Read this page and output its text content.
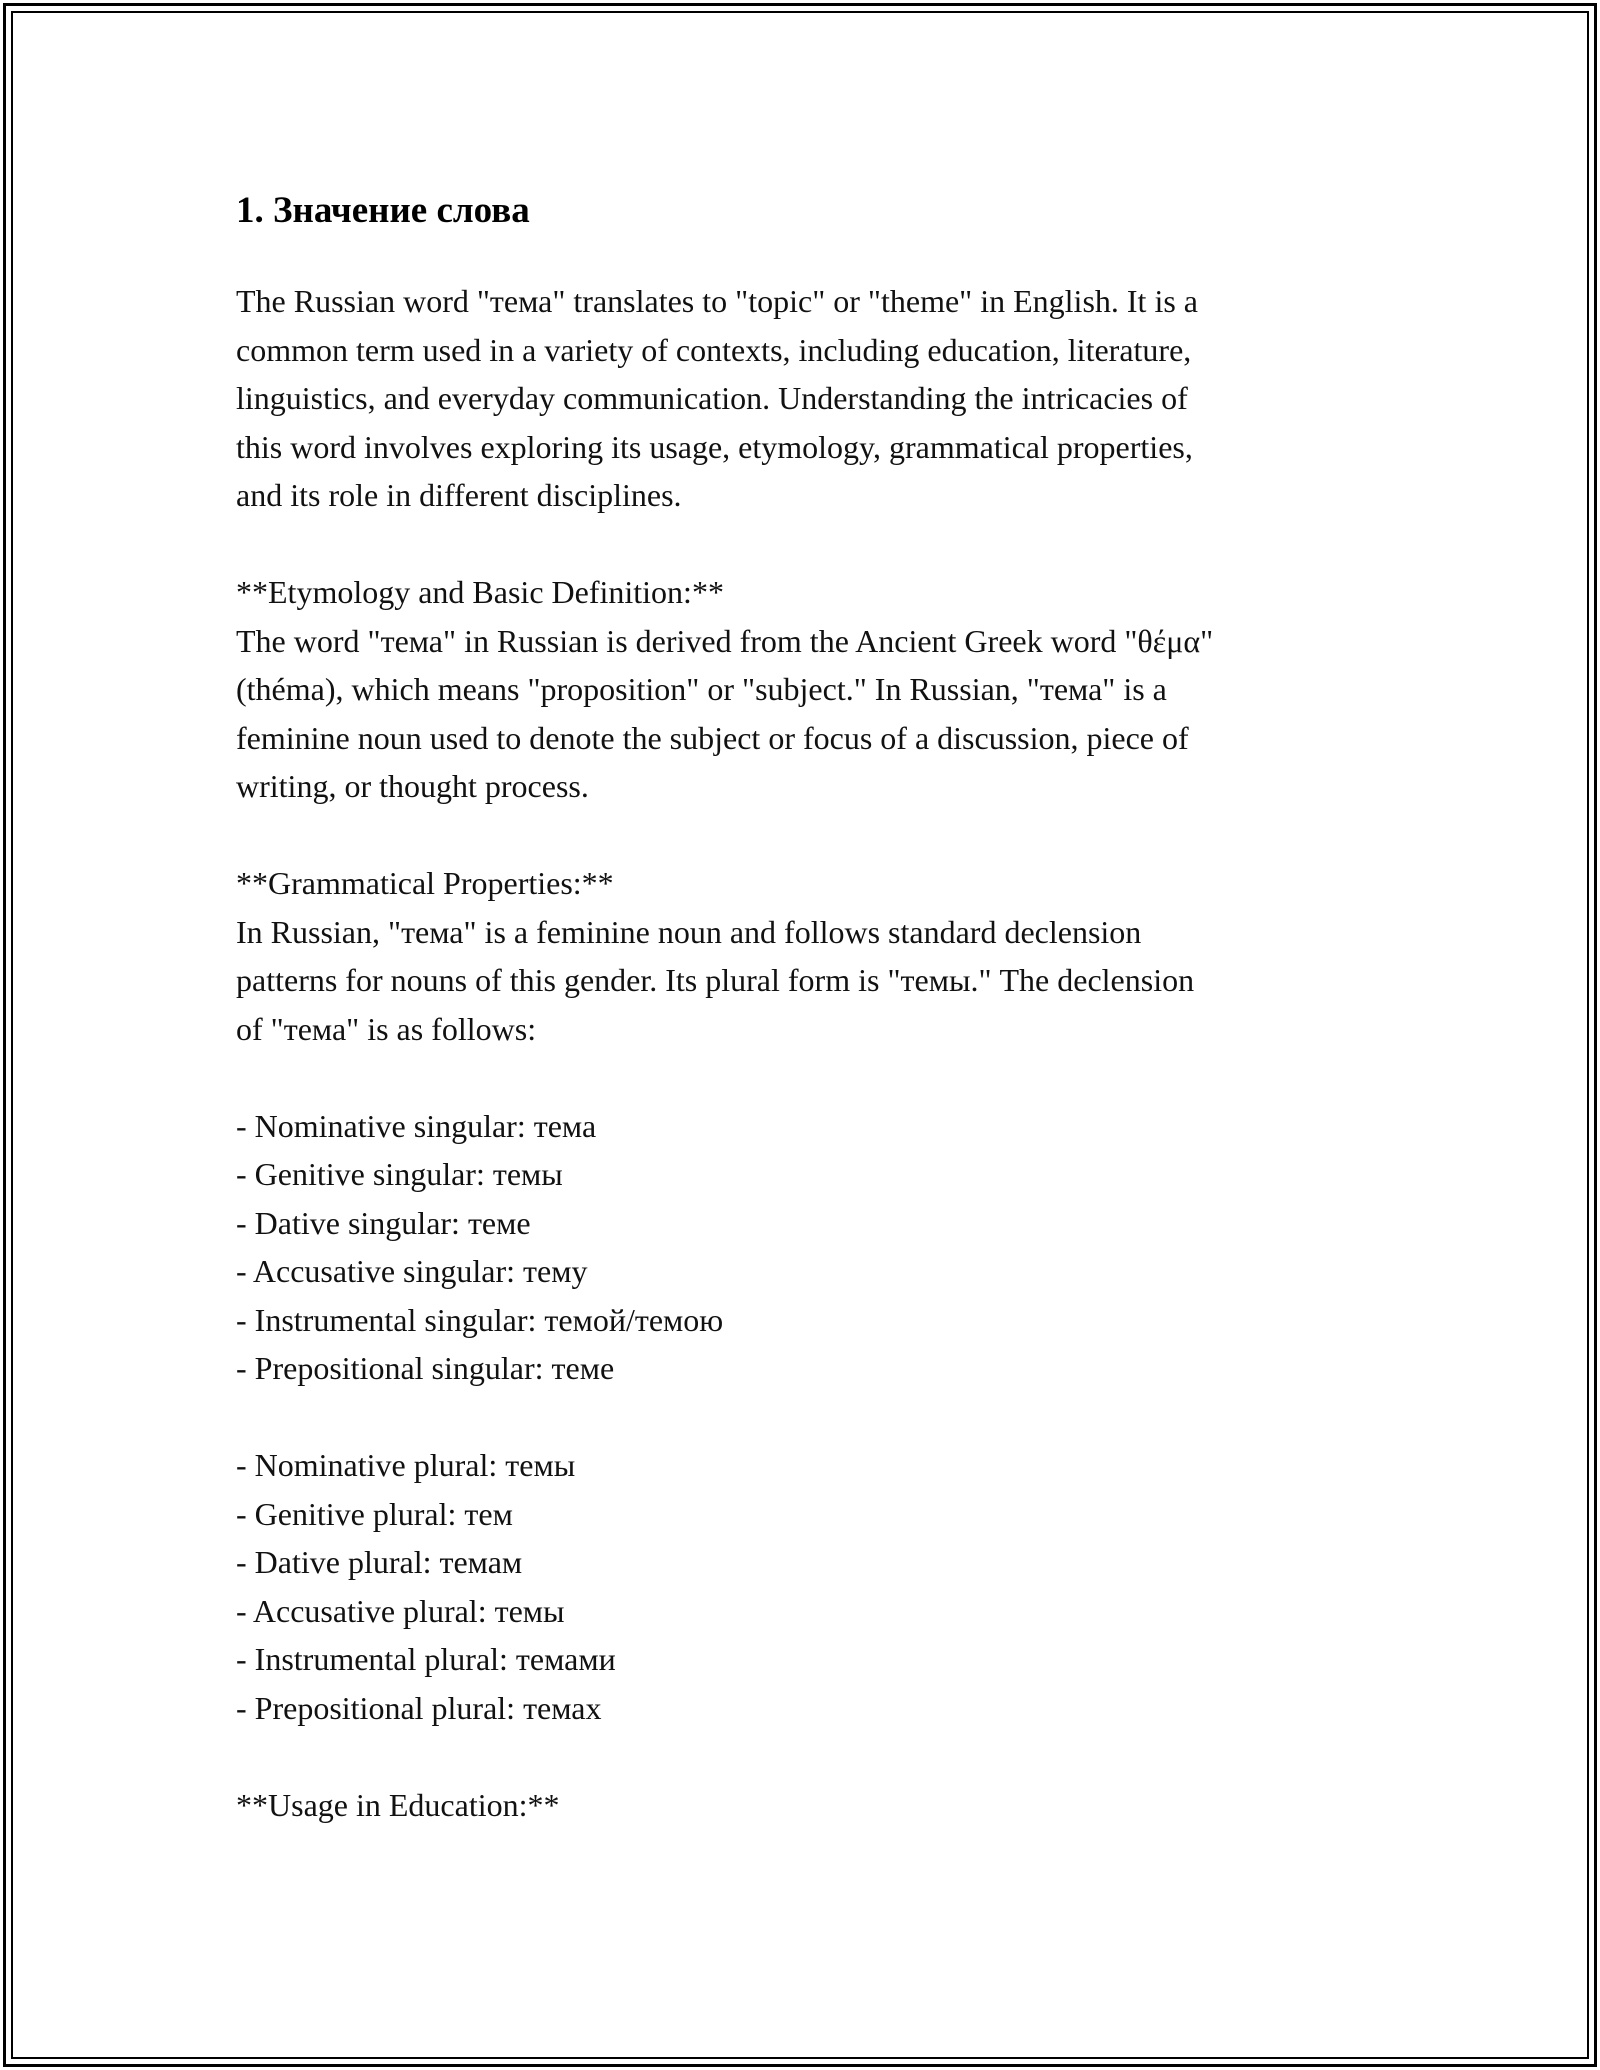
1. Значение слова

The Russian word "тема" translates to "topic" or "theme" in English. It is a
common term used in a variety of contexts, including education, literature,
linguistics, and everyday communication. Understanding the intricacies of
this word involves exploring its usage, etymology, grammatical properties,
and its role in different disciplines.

**Etymology and Basic Definition:**

The word "тема" in Russian is derived from the Ancient Greek word "θέμα"
(théma), which means "proposition" or "subject." In Russian, "тема" is a
feminine noun used to denote the subject or focus of a discussion, piece of
writing, or thought process.

**Grammatical Properties:**

In Russian, "тема" is a feminine noun and follows standard declension
patterns for nouns of this gender. Its plural form is "темы." The declension
of "тема" is as follows:

- Nominative singular: тема
- Genitive singular: темы
- Dative singular: теме
- Accusative singular: тему
- Instrumental singular: темой/темою
- Prepositional singular: теме
- Nominative plural: темы
- Genitive plural: тем
- Dative plural: темам
- Accusative plural: темы
- Instrumental plural: темами
- Prepositional plural: темах
**Usage in Education:**
